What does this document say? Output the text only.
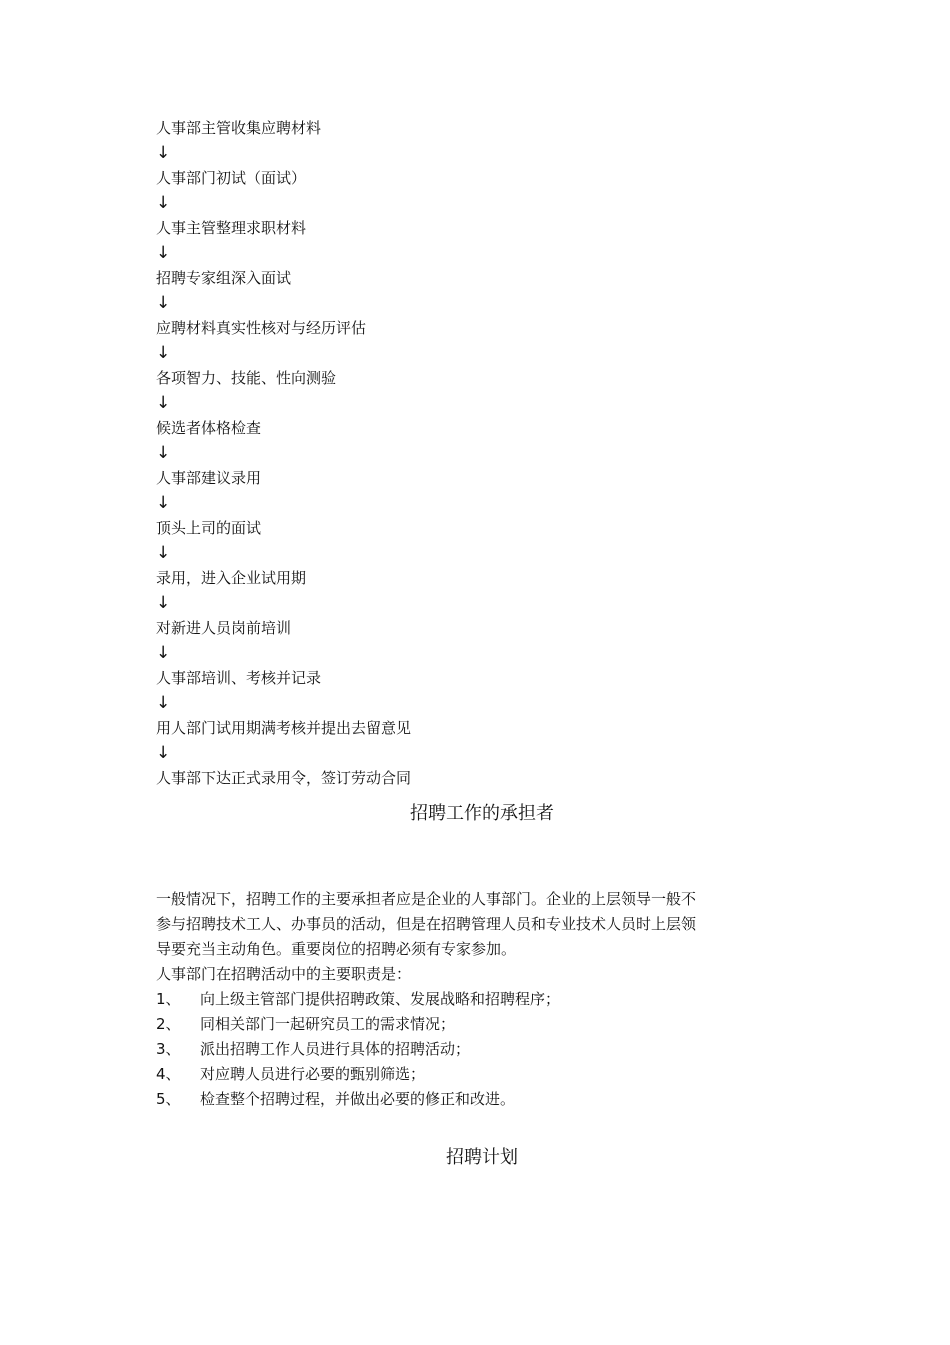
人事部主管收集应聘材料
↓
人事部门初试（面试）
↓
人事主管整理求职材料
↓
招聘专家组深入面试
↓
应聘材料真实性核对与经历评估
↓
各项智力、技能、性向测验
↓
候选者体格检查
↓
人事部建议录用
↓
顶头上司的面试
↓
录用，进入企业试用期
↓
对新进人员岗前培训
↓
人事部培训、考核并记录
↓
用人部门试用期满考核并提出去留意见
↓
人事部下达正式录用令，签订劳动合同
招聘工作的承担者
一般情况下，招聘工作的主要承担者应是企业的人事部门。企业的上层领导一般不
参与招聘技术工人、办事员的活动，但是在招聘管理人员和专业技术人员时上层领
导要充当主动角色。重要岗位的招聘必须有专家参加。
人事部门在招聘活动中的主要职责是：
1、 向上级主管部门提供招聘政策、发展战略和招聘程序；
2、 同相关部门一起研究员工的需求情况；
3、 派出招聘工作人员进行具体的招聘活动；
4、 对应聘人员进行必要的甄别筛选；
5、 检查整个招聘过程，并做出必要的修正和改进。
招聘计划
